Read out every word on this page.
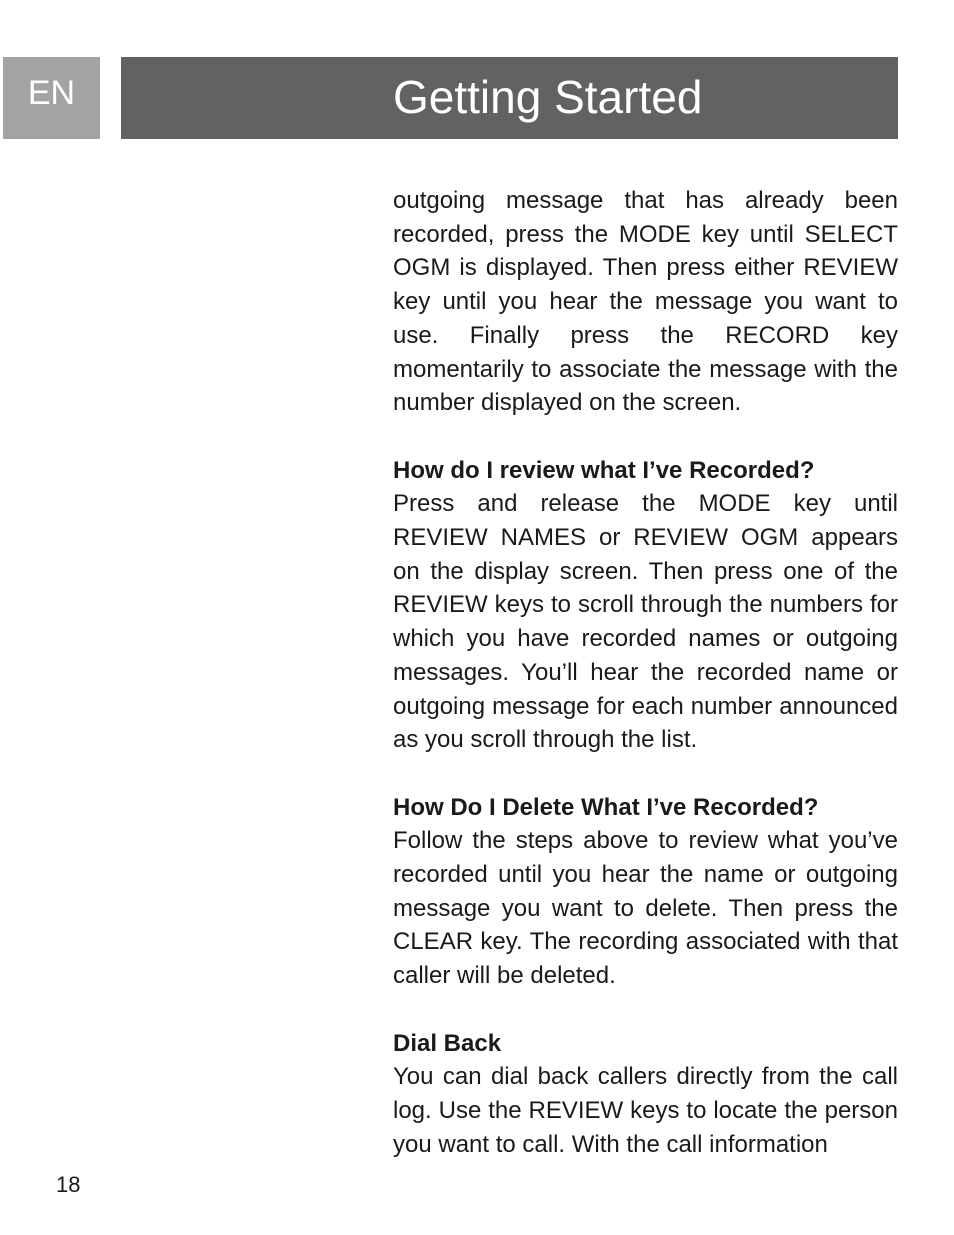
EN	Getting Started

outgoing message that has already been recorded, press the MODE key until SELECT OGM is displayed. Then press either REVIEW key until you hear the message you want to use. Finally press the RECORD key momentarily to associate the message with the number displayed on the screen.

How do I review what I’ve Recorded?

Press and release the MODE key until REVIEW NAMES or REVIEW OGM appears on the display screen. Then press one of the REVIEW keys to scroll through the numbers for which you have recorded names or outgoing messages. You’ll hear the recorded name or outgoing message for each number announced as you scroll through the list.

How Do I Delete What I’ve Recorded?

Follow the steps above to review what you’ve recorded until you hear the name or outgoing message you want to delete. Then press the CLEAR key. The recording associated with that caller will be deleted.

Dial Back

You can dial back callers directly from the call log. Use the REVIEW keys to locate the person you want to call. With the call information

18
